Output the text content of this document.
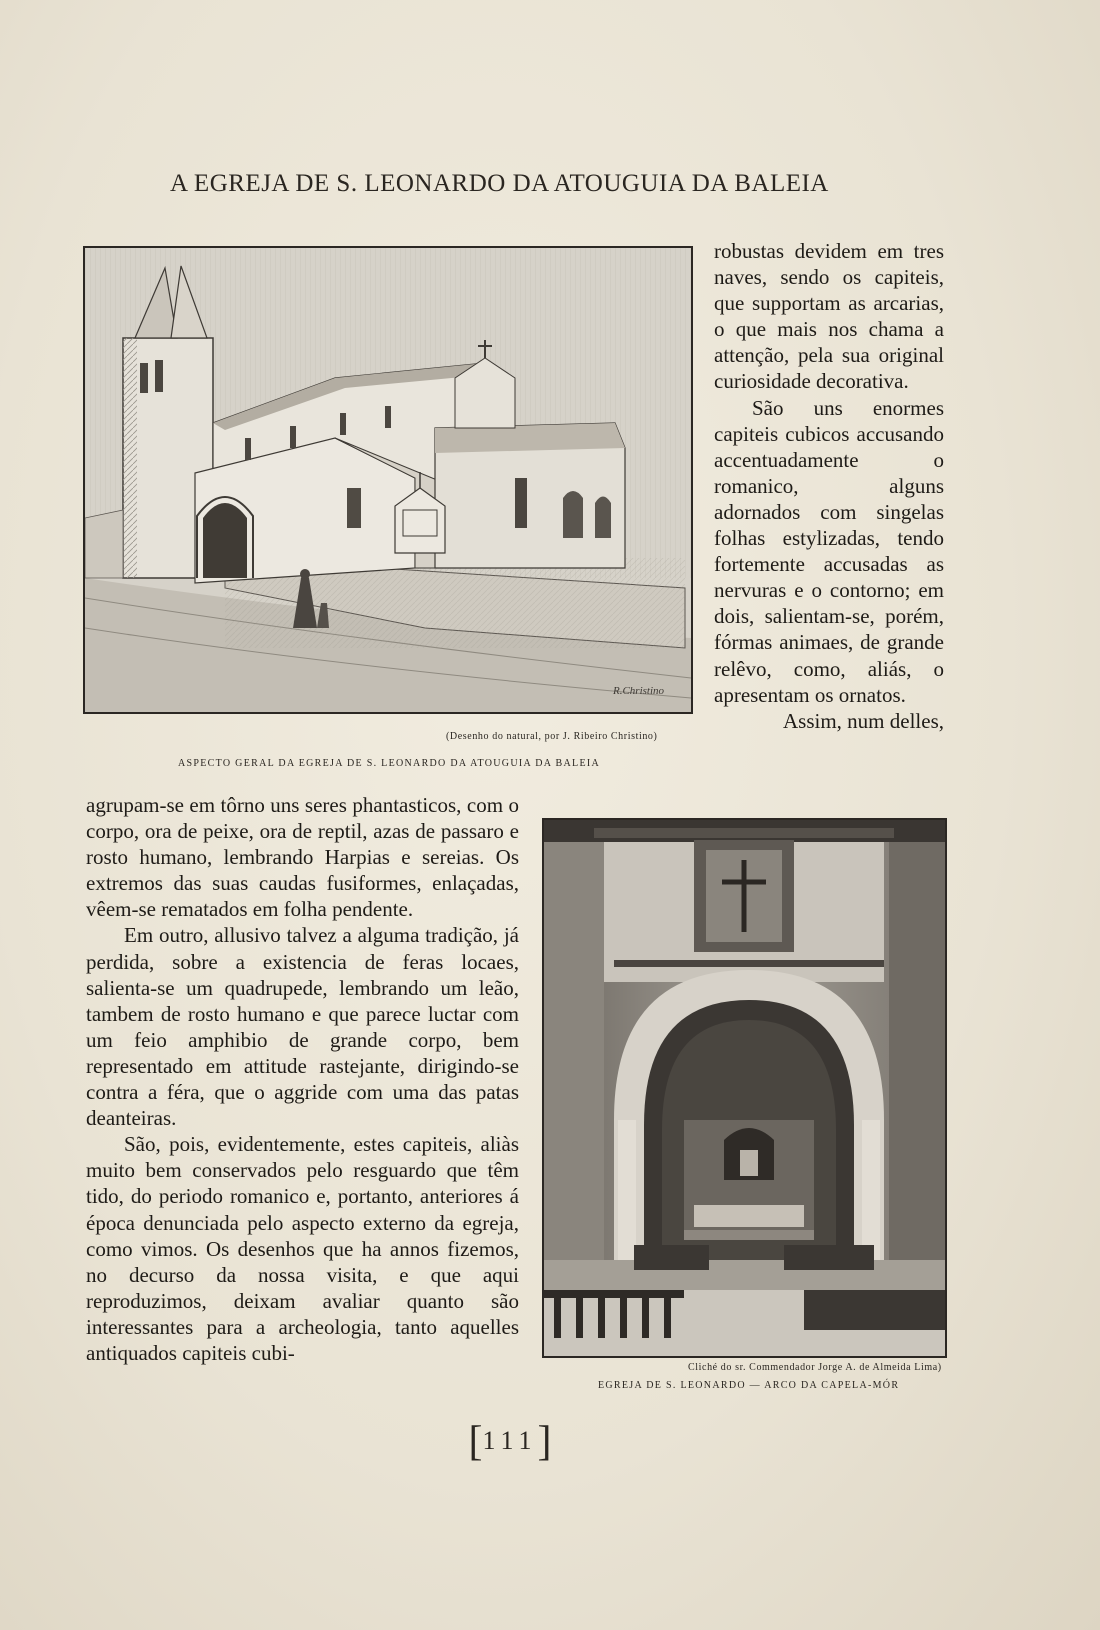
A EGREJA DE S. LEONARDO DA ATOUGUIA DA BALEIA
R.Christino
(Desenho do natural, por J. Ribeiro Christino)
ASPECTO GERAL DA EGREJA DE S. LEONARDO DA ATOUGUIA DA BALEIA

robustas devidem em tres naves, sendo os capiteis, que supportam as arcarias, o que mais nos chama a attenção, pela sua original curiosidade decorativa.

São uns enormes capiteis cubicos accusando accentuadamente o romanico, alguns adornados com singelas folhas estylizadas, tendo fortemente accusadas as nervuras e o contorno; em dois, salientam-se, porém, fórmas animaes, de grande relêvo, como, aliás, o apresentam os ornatos.

Assim, num delles,

Cliché do sr. Commendador Jorge A. de Almeida Lima)
EGREJA DE S. LEONARDO — ARCO DA CAPELA-MÓR

agrupam-se em tôrno uns seres phantasticos, com o corpo, ora de peixe, ora de reptil, azas de passaro e rosto humano, lembrando Harpias e sereias. Os extremos das suas caudas fusiformes, enlaçadas, vêem-se rematados em folha pendente.

Em outro, allusivo talvez a alguma tradição, já perdida, sobre a existencia de feras locaes, salienta-se um quadrupede, lembrando um leão, tambem de rosto humano e que parece luctar com um feio amphibio de grande corpo, bem representado em attitude rastejante, dirigindo-se contra a féra, que o aggride com uma das patas deanteiras.

São, pois, evidentemente, estes capiteis, aliàs muito bem conservados pelo resguardo que têm tido, do periodo romanico e, portanto, anteriores á época denunciada pelo aspecto externo da egreja, como vimos. Os desenhos que ha annos fizemos, no decurso da nossa visita, e que aqui reproduzimos, deixam avaliar quanto são interessantes para a archeologia, tanto aquelles antiquados capiteis cubi-

[111]
